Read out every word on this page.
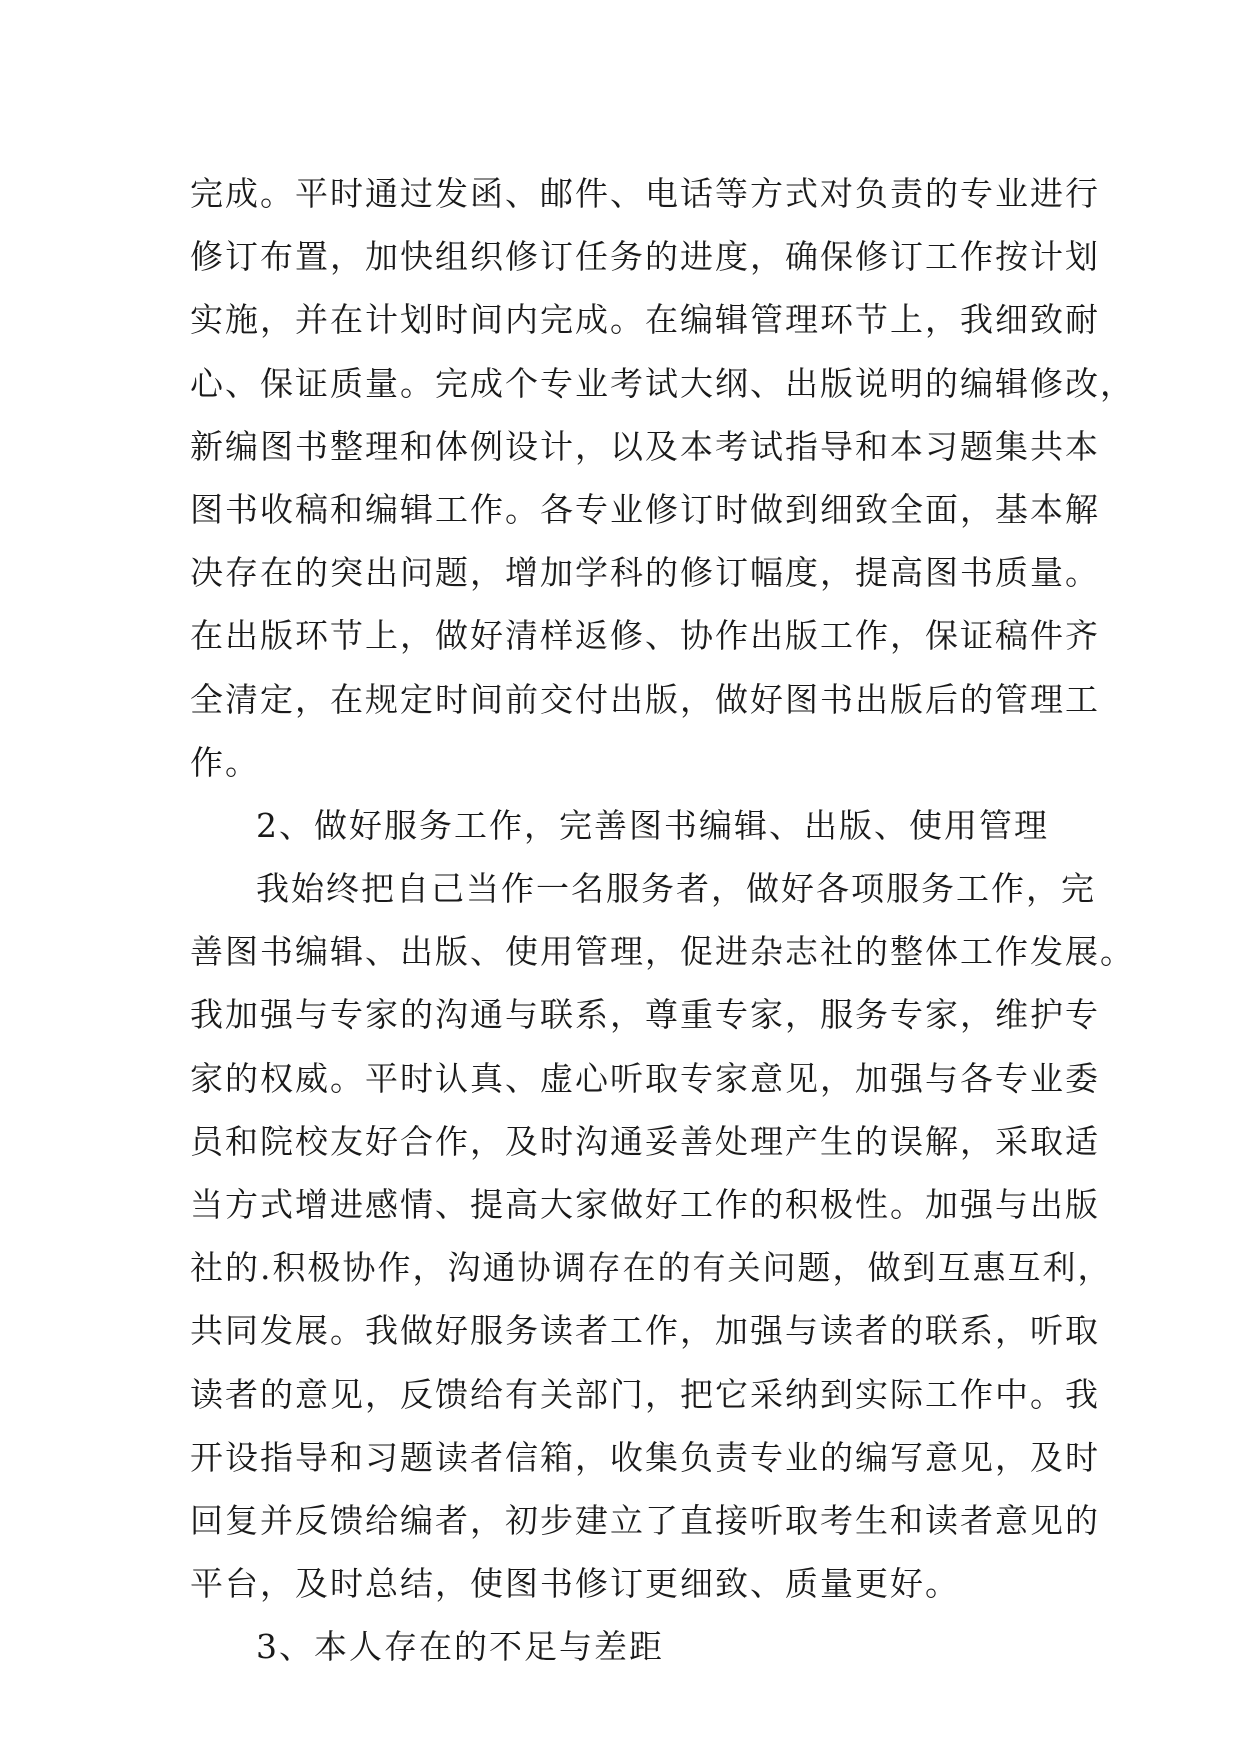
完成。平时通过发函、邮件、电话等方式对负责的专业进行
修订布置，加快组织修订任务的进度，确保修订工作按计划
实施，并在计划时间内完成。在编辑管理环节上，我细致耐
心、保证质量。完成个专业考试大纲、出版说明的编辑修改，
新编图书整理和体例设计，以及本考试指导和本习题集共本
图书收稿和编辑工作。各专业修订时做到细致全面，基本解
决存在的突出问题，增加学科的修订幅度，提高图书质量。
在出版环节上，做好清样返修、协作出版工作，保证稿件齐
全清定，在规定时间前交付出版，做好图书出版后的管理工
作。
2、做好服务工作，完善图书编辑、出版、使用管理
我始终把自己当作一名服务者，做好各项服务工作，完
善图书编辑、出版、使用管理，促进杂志社的整体工作发展。
我加强与专家的沟通与联系，尊重专家，服务专家，维护专
家的权威。平时认真、虚心听取专家意见，加强与各专业委
员和院校友好合作，及时沟通妥善处理产生的误解，采取适
当方式增进感情、提高大家做好工作的积极性。加强与出版
社的.积极协作，沟通协调存在的有关问题，做到互惠互利，
共同发展。我做好服务读者工作，加强与读者的联系，听取
读者的意见，反馈给有关部门，把它采纳到实际工作中。我
开设指导和习题读者信箱，收集负责专业的编写意见，及时
回复并反馈给编者，初步建立了直接听取考生和读者意见的
平台，及时总结，使图书修订更细致、质量更好。
3、本人存在的不足与差距
